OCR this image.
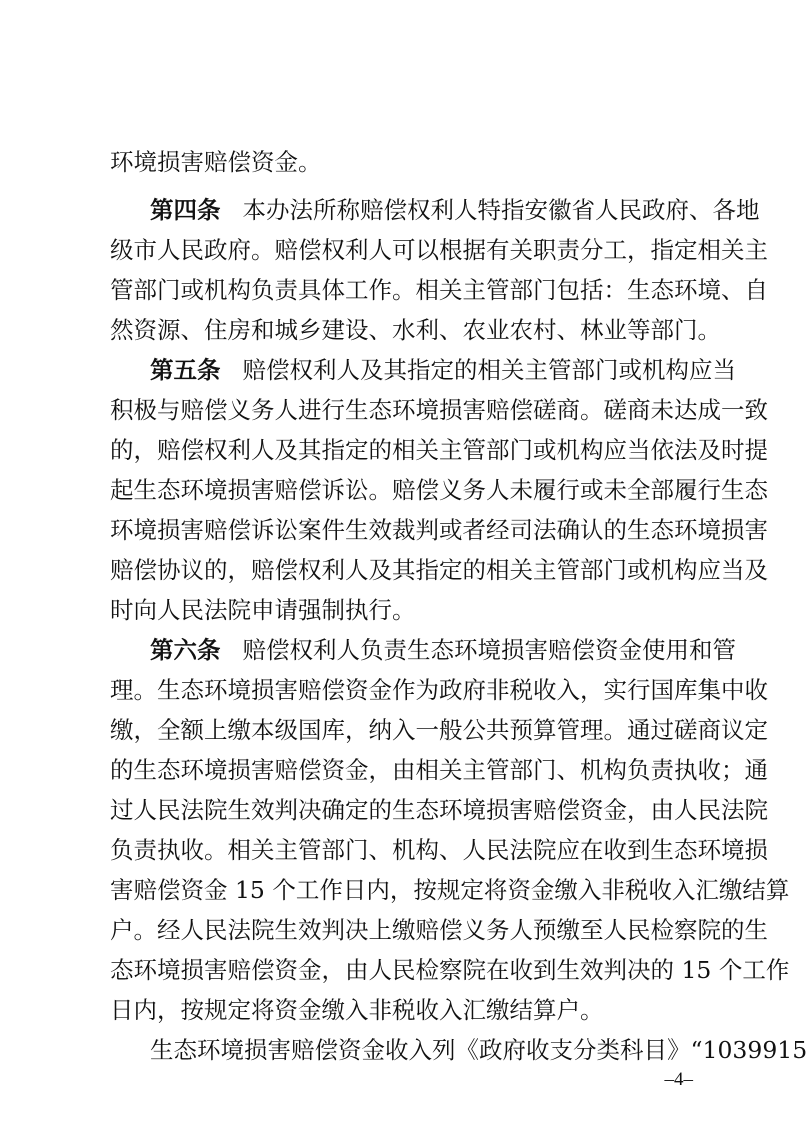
环境损害赔偿资金。
第四条 本办法所称赔偿权利人特指安徽省人民政府、各地
级市人民政府。赔偿权利人可以根据有关职责分工，指定相关主
管部门或机构负责具体工作。相关主管部门包括：生态环境、自
然资源、住房和城乡建设、水利、农业农村、林业等部门。
第五条 赔偿权利人及其指定的相关主管部门或机构应当
积极与赔偿义务人进行生态环境损害赔偿磋商。磋商未达成一致
的，赔偿权利人及其指定的相关主管部门或机构应当依法及时提
起生态环境损害赔偿诉讼。赔偿义务人未履行或未全部履行生态
环境损害赔偿诉讼案件生效裁判或者经司法确认的生态环境损害
赔偿协议的，赔偿权利人及其指定的相关主管部门或机构应当及
时向人民法院申请强制执行。
第六条 赔偿权利人负责生态环境损害赔偿资金使用和管
理。生态环境损害赔偿资金作为政府非税收入，实行国库集中收
缴，全额上缴本级国库，纳入一般公共预算管理。通过磋商议定
的生态环境损害赔偿资金，由相关主管部门、机构负责执收；通
过人民法院生效判决确定的生态环境损害赔偿资金，由人民法院
负责执收。相关主管部门、机构、人民法院应在收到生态环境损
害赔偿资金 15 个工作日内，按规定将资金缴入非税收入汇缴结算
户。经人民法院生效判决上缴赔偿义务人预缴至人民检察院的生
态环境损害赔偿资金，由人民检察院在收到生效判决的 15 个工作
日内，按规定将资金缴入非税收入汇缴结算户。
生态环境损害赔偿资金收入列《政府收支分类科目》“1039915
–4–
